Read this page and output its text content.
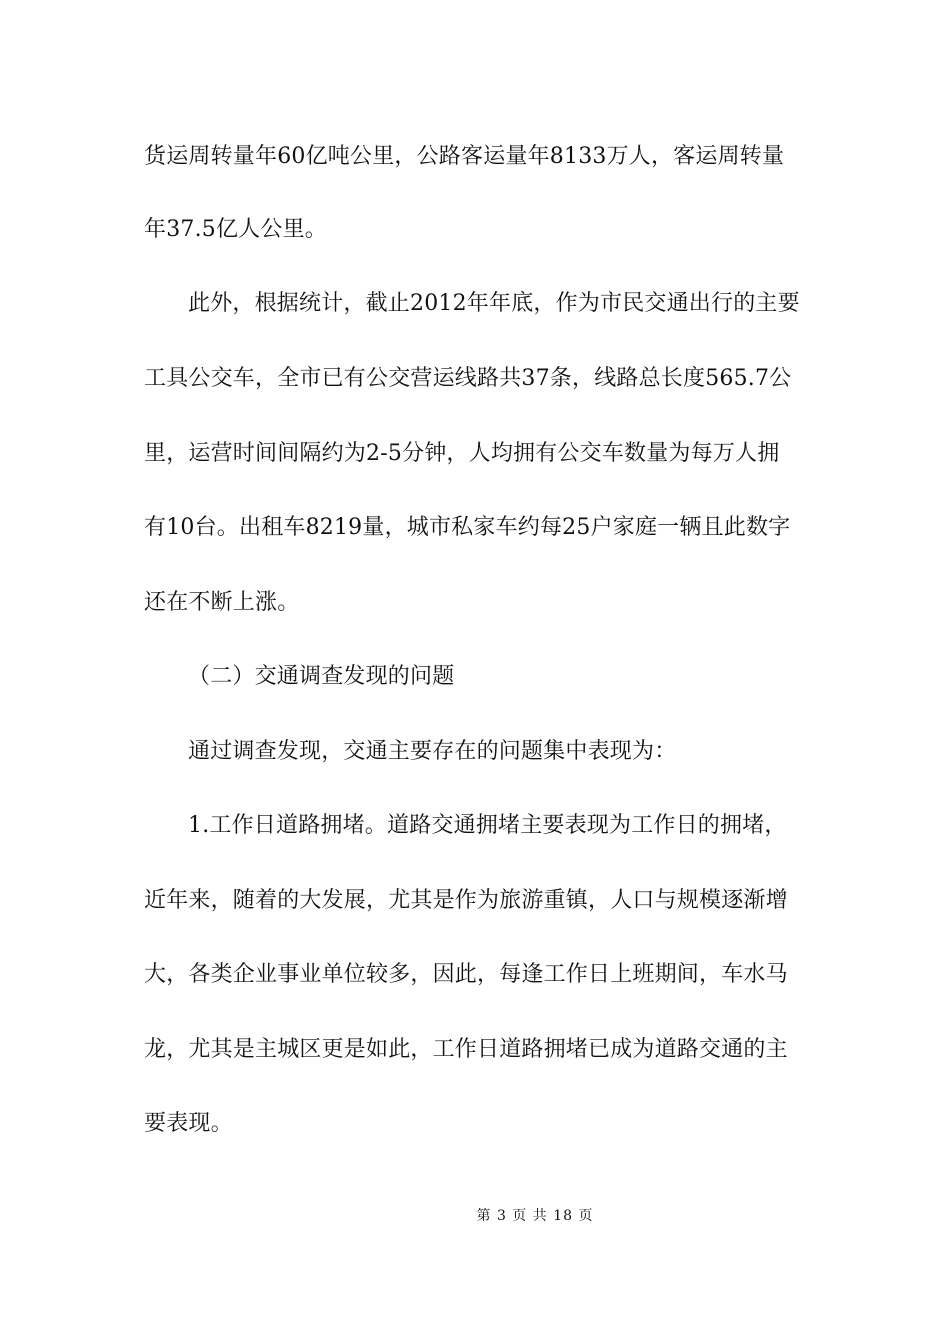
货运周转量年60亿吨公里，公路客运量年8133万人，客运周转量
年37.5亿人公里。
此外，根据统计，截止2012年年底，作为市民交通出行的主要
工具公交车，全市已有公交营运线路共37条，线路总长度565.7公
里，运营时间间隔约为2-5分钟，人均拥有公交车数量为每万人拥
有10台。出租车8219量，城市私家车约每25户家庭一辆且此数字
还在不断上涨。
（二）交通调查发现的问题
通过调查发现，交通主要存在的问题集中表现为：
1.工作日道路拥堵。道路交通拥堵主要表现为工作日的拥堵，
近年来，随着的大发展，尤其是作为旅游重镇，人口与规模逐渐增
大，各类企业事业单位较多，因此，每逢工作日上班期间，车水马
龙，尤其是主城区更是如此，工作日道路拥堵已成为道路交通的主
要表现。
第 3 页 共 18 页
